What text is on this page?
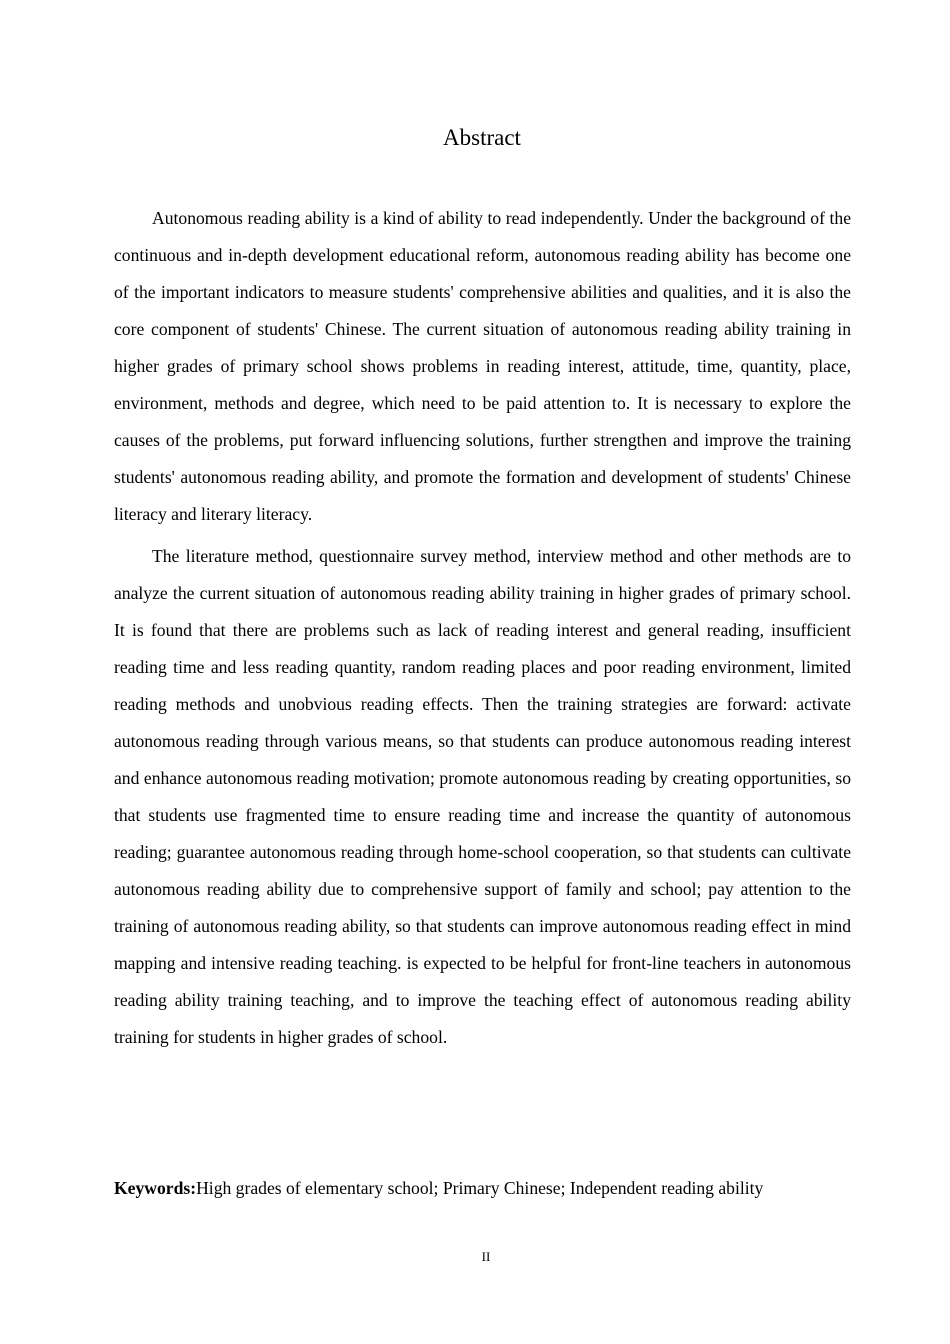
Abstract

Autonomous reading ability is a kind of ability to read independently. Under the background of the continuous and in-depth development educational reform, autonomous reading ability has become one of the important indicators to measure students' comprehensive abilities and qualities, and it is also the core component of students' Chinese. The current situation of autonomous reading ability training in higher grades of primary school shows problems in reading interest, attitude, time, quantity, place, environment, methods and degree, which need to be paid attention to. It is necessary to explore the causes of the problems, put forward influencing solutions, further strengthen and improve the training students' autonomous reading ability, and promote the formation and development of students' Chinese literacy and literary literacy.

The literature method, questionnaire survey method, interview method and other methods are to analyze the current situation of autonomous reading ability training in higher grades of primary school. It is found that there are problems such as lack of reading interest and general reading, insufficient reading time and less reading quantity, random reading places and poor reading environment, limited reading methods and unobvious reading effects. Then the training strategies are forward: activate autonomous reading through various means, so that students can produce autonomous reading interest and enhance autonomous reading motivation; promote autonomous reading by creating opportunities, so that students use fragmented time to ensure reading time and increase the quantity of autonomous reading; guarantee autonomous reading through home-school cooperation, so that students can cultivate autonomous reading ability due to comprehensive support of family and school; pay attention to the training of autonomous reading ability, so that students can improve autonomous reading effect in mind mapping and intensive reading teaching. is expected to be helpful for front-line teachers in autonomous reading ability training teaching, and to improve the teaching effect of autonomous reading ability training for students in higher grades of school.

Keywords:High grades of elementary school; Primary Chinese; Independent reading ability

II
